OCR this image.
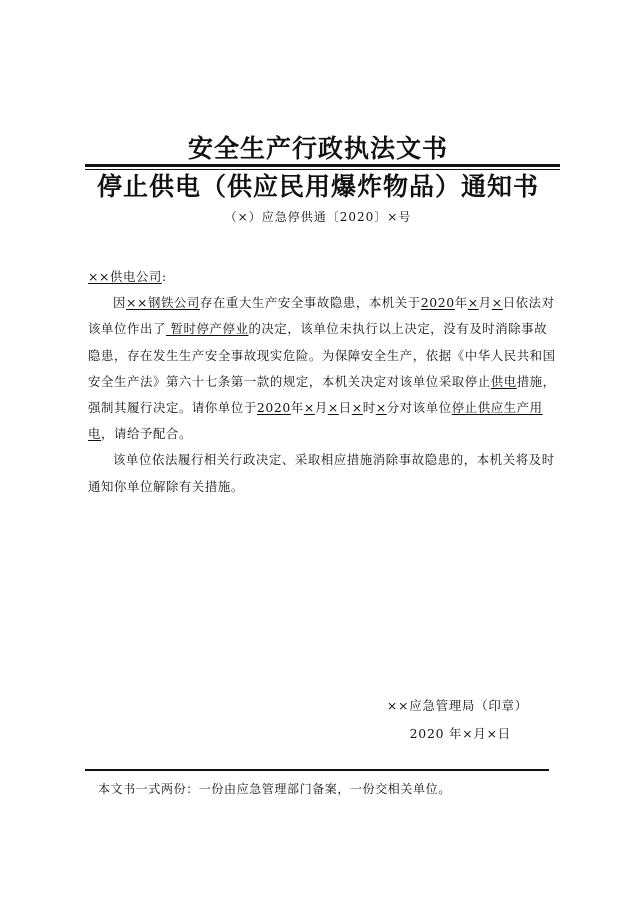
安全生产行政执法文书
停止供电（供应民用爆炸物品）通知书
（×）应急停供通〔2020〕×号

××供电公司:

因××钢铁公司存在重大生产安全事故隐患，本机关于2020年×月×日依法对该单位作出了 暂时停产停业的决定，该单位未执行以上决定，没有及时消除事故隐患，存在发生生产安全事故现实危险。为保障安全生产，依据《中华人民共和国安全生产法》第六十七条第一款的规定，本机关决定对该单位采取停止供电措施，强制其履行决定。请你单位于2020年×月×日×时×分对该单位停止供应生产用电，请给予配合。

该单位依法履行相关行政决定、采取相应措施消除事故隐患的，本机关将及时通知你单位解除有关措施。

××应急管理局（印章）
2020 年×月×日
本文书一式两份：一份由应急管理部门备案，一份交相关单位。
